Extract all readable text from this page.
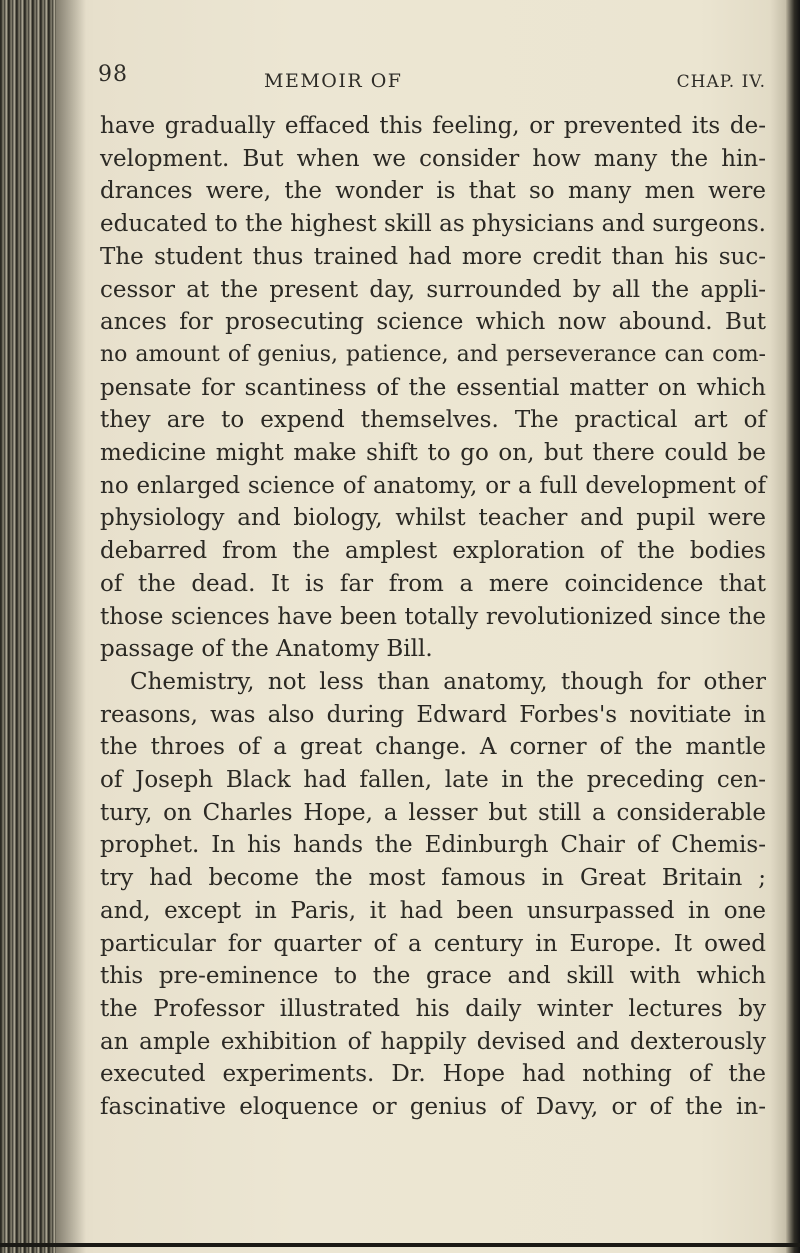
98	MEMOIR OF	CHAP. IV.
have gradually effaced this feeling, or prevented its de-
velopment. But when we consider how many the hin-
drances were, the wonder is that so many men were
educated to the highest skill as physicians and surgeons.
The student thus trained had more credit than his suc-
cessor at the present day, surrounded by all the appli-
ances for prosecuting science which now abound. But
no amount of genius, patience, and perseverance can com-
pensate for scantiness of the essential matter on which
they are to expend themselves. The practical art of
medicine might make shift to go on, but there could be
no enlarged science of anatomy, or a full development of
physiology and biology, whilst teacher and pupil were
debarred from the amplest exploration of the bodies
of the dead. It is far from a mere coincidence that
those sciences have been totally revolutionized since the
passage of the Anatomy Bill.
Chemistry, not less than anatomy, though for other
reasons, was also during Edward Forbes's novitiate in
the throes of a great change. A corner of the mantle
of Joseph Black had fallen, late in the preceding cen-
tury, on Charles Hope, a lesser but still a considerable
prophet. In his hands the Edinburgh Chair of Chemis-
try had become the most famous in Great Britain ;
and, except in Paris, it had been unsurpassed in one
particular for quarter of a century in Europe. It owed
this pre-eminence to the grace and skill with which
the Professor illustrated his daily winter lectures by
an ample exhibition of happily devised and dexterously
executed experiments. Dr. Hope had nothing of the
fascinative eloquence or genius of Davy, or of the in-
